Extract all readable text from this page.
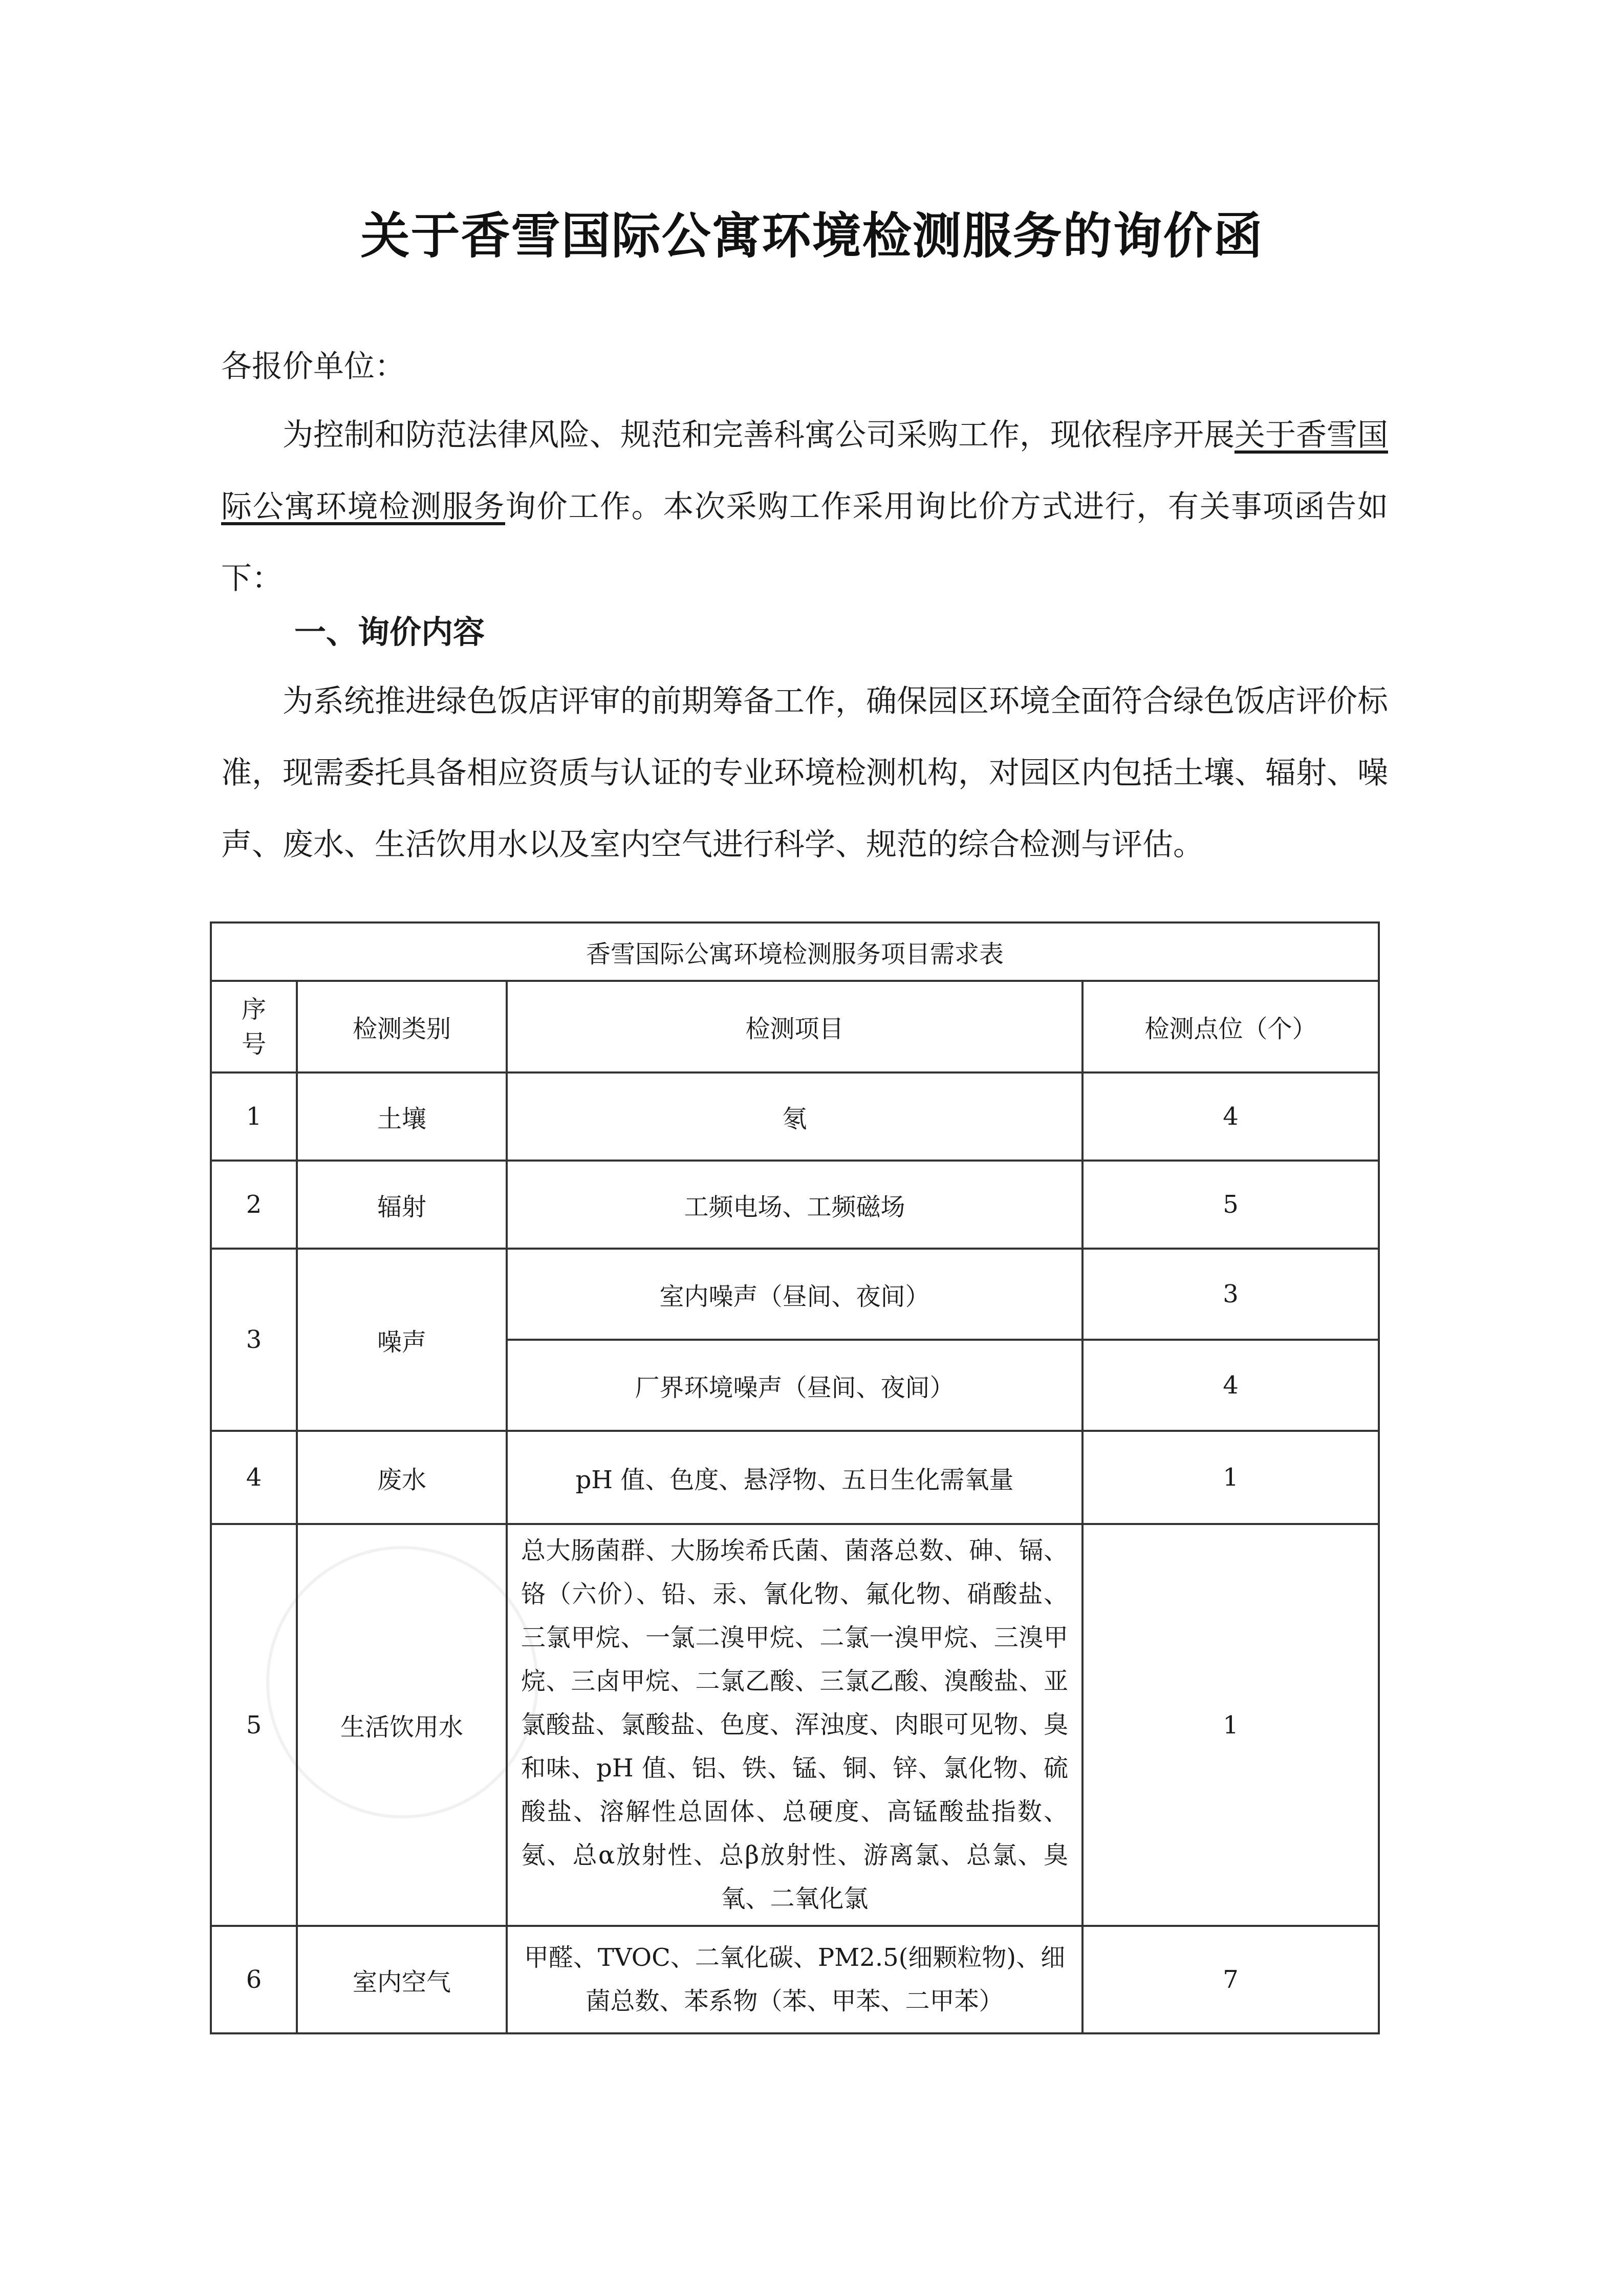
关于香雪国际公寓环境检测服务的询价函
各报价单位：

为控制和防范法律风险、规范和完善科寓公司采购工作，现依程序开展关于香雪国际公寓环境检测服务询价工作。本次采购工作采用询比价方式进行，有关事项函告如下：

一、询价内容

为系统推进绿色饭店评审的前期筹备工作，确保园区环境全面符合绿色饭店评价标准，现需委托具备相应资质与认证的专业环境检测机构，对园区内包括土壤、辐射、噪声、废水、生活饮用水以及室内空气进行科学、规范的综合检测与评估。

香雪国际公寓环境检测服务项目需求表			
序号	检测类别	检测项目	检测点位（个）
1	土壤	氡	4
2	辐射	工频电场、工频磁场	5
3	噪声	室内噪声（昼间、夜间）	3
		厂界环境噪声（昼间、夜间）	4
4	废水	pH 值、色度、悬浮物、五日生化需氧量	1
5	生活饮用水	总大肠菌群、大肠埃希氏菌、菌落总数、砷、镉、铬（六价）、铅、汞、氰化物、氟化物、硝酸盐、三氯甲烷、一氯二溴甲烷、二氯一溴甲烷、三溴甲烷、三卤甲烷、二氯乙酸、三氯乙酸、溴酸盐、亚氯酸盐、氯酸盐、色度、浑浊度、肉眼可见物、臭和味、pH 值、铝、铁、锰、铜、锌、氯化物、硫酸盐、溶解性总固体、总硬度、高锰酸盐指数、氨、总α放射性、总β放射性、游离氯、总氯、臭氧、二氧化氯	1
6	室内空气	甲醛、TVOC、二氧化碳、PM2.5(细颗粒物)、细菌总数、苯系物（苯、甲苯、二甲苯）	7
